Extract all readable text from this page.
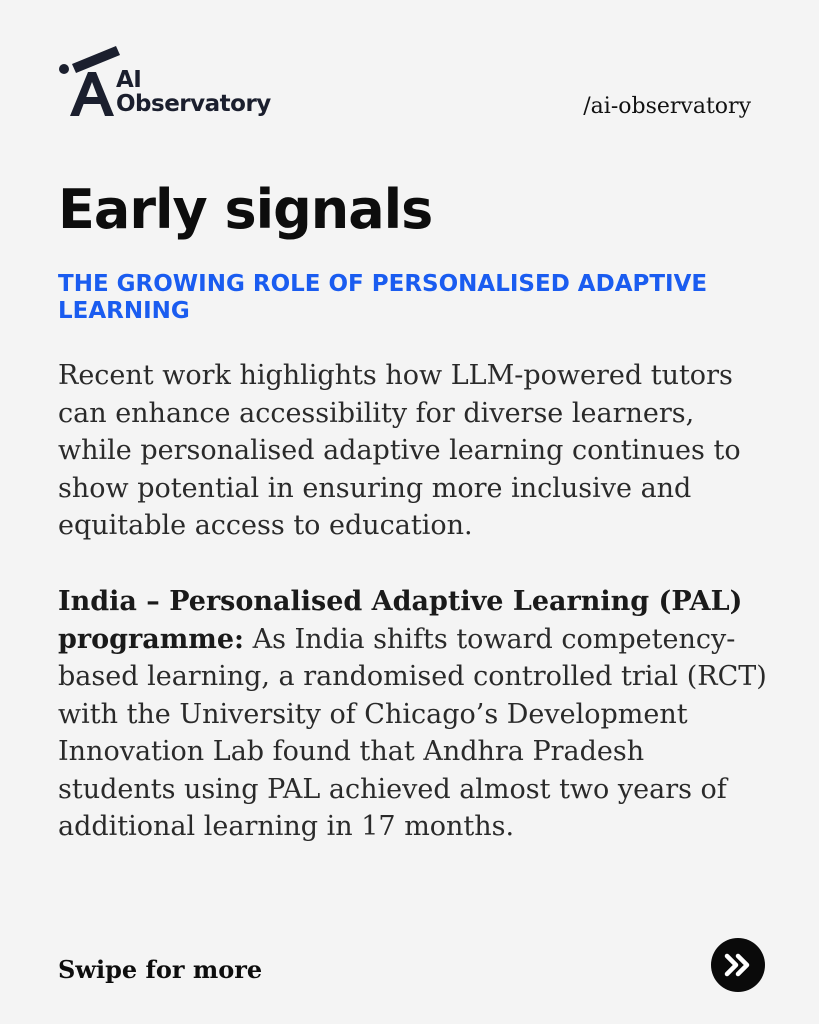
AI
Observatory	/ai-observatory
Early signals
THE GROWING ROLE OF PERSONALISED ADAPTIVE LEARNING

Recent work highlights how LLM-powered tutors can enhance accessibility for diverse learners, while personalised adaptive learning continues to show potential in ensuring more inclusive and equitable access to education.

India – Personalised Adaptive Learning (PAL) programme: As India shifts toward competency-based learning, a randomised controlled trial (RCT) with the University of Chicago’s Development Innovation Lab found that Andhra Pradesh students using PAL achieved almost two years of additional learning in 17 months.

Swipe for more
